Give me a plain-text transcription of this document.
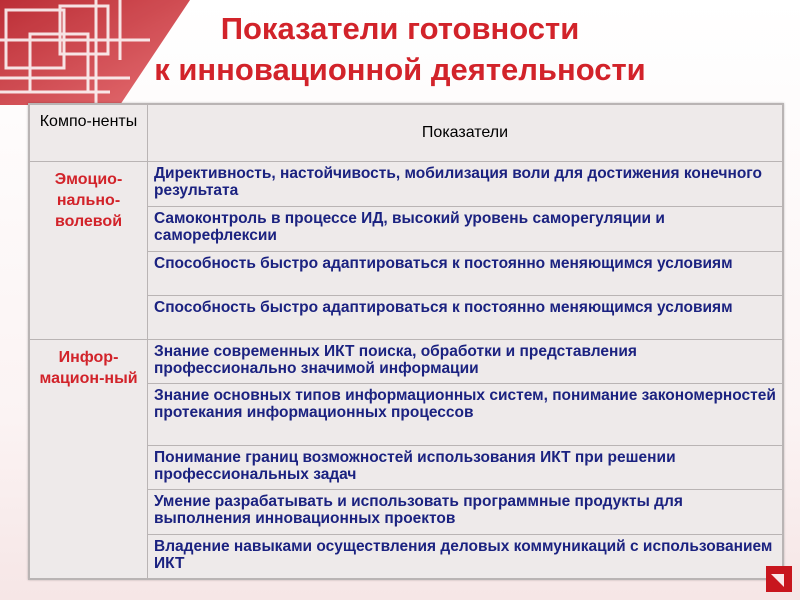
Показатели готовности
к инновационной деятельности
Компо-ненты	Показатели
Эмоцио-нально-волевой	Директивность, настойчивость, мобилизация воли для достижения конечного результата
	Самоконтроль в процессе ИД, высокий уровень саморегуляции и саморефлексии
	Способность быстро адаптироваться к постоянно меняющимся условиям
	Способность быстро адаптироваться к постоянно меняющимся условиям
Инфор-мацион-ный	Знание современных ИКТ поиска, обработки и представления профессионально значимой информации
	Знание основных типов информационных систем, понимание закономерностей протекания информационных процессов
	Понимание границ возможностей использования ИКТ при решении профессиональных задач
	Умение разрабатывать и использовать программные продукты для выполнения инновационных проектов
	Владение навыками осуществления деловых коммуникаций с использованием ИКТ
